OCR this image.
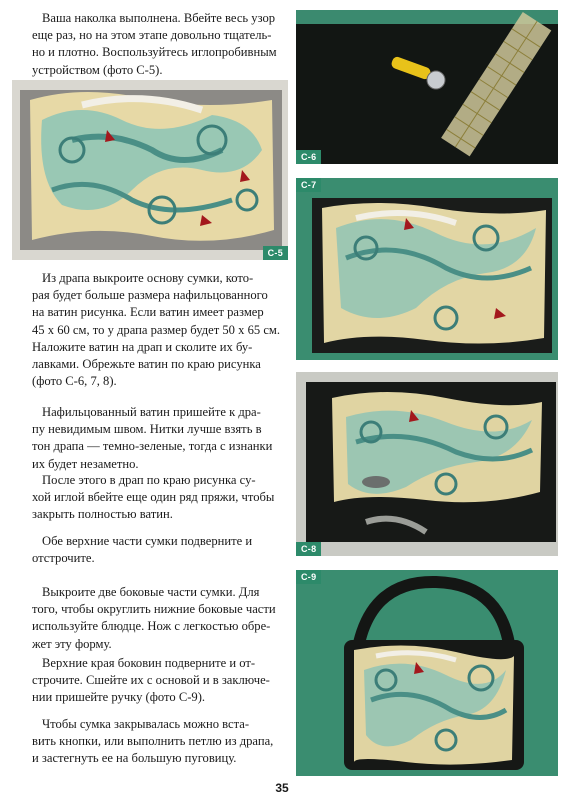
Ваша наколка выполнена. Вбейте весь узор
еще раз, но на этом этапе довольно тщатель-
но и плотно. Воспользуйтесь иглопробивным
устройством (фото С-5).
С-5
Из драпа выкроите основу сумки, кото-
рая будет больше размера нафильцованного
на ватин рисунка. Если ватин имеет размер
45 х 60 см, то у драпа размер будет 50 х 65 см.
Наложите ватин на драп и сколите их бу-
лавками. Обрежьте ватин по краю рисунка
(фото С-6, 7, 8).
Нафильцованный ватин пришейте к дра-
пу невидимым швом. Нитки лучше взять в
тон драпа — темно-зеленые, тогда с изнанки
их будет незаметно.
После этого в драп по краю рисунка су-
хой иглой вбейте еще один ряд пряжи, чтобы
закрыть полностью ватин.
Обе верхние части сумки подверните и
отстрочите.
Выкроите две боковые части сумки. Для
того, чтобы округлить нижние боковые части
используйте блюдце. Нож с легкостью обре-
жет эту форму.
Верхние края боковин подверните и от-
строчите. Сшейте их с основой и в заключе-
нии пришейте ручку (фото С-9).
Чтобы сумка закрывалась можно вста-
вить кнопки, или выполнить петлю из драпа,
и застегнуть ее на большую пуговицу.
С-6
С-7
С-8
С-9
35
